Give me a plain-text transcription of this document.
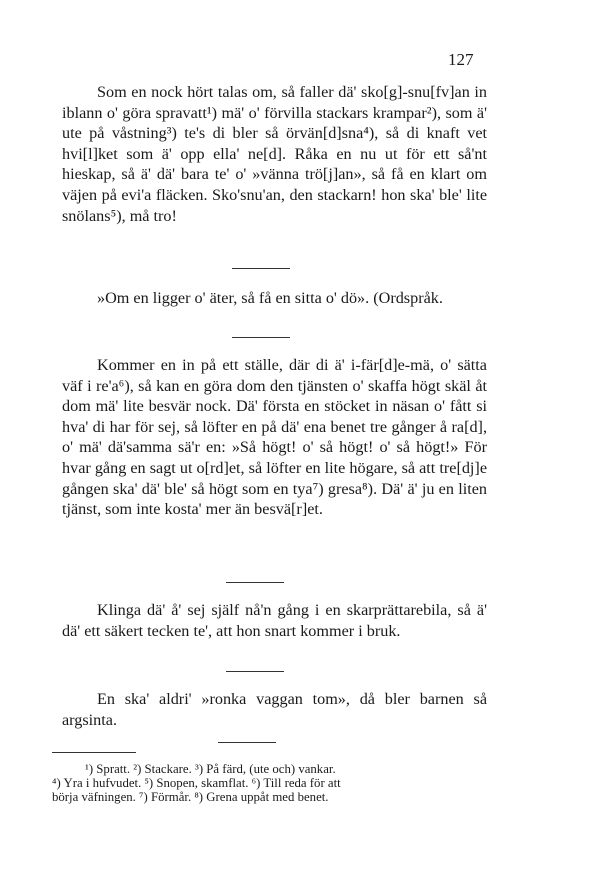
127

Som en nock hört talas om, så faller dä' sko[g]-snu[fv]an in iblann o' göra spravatt¹) mä' o' förvilla stackars krampar²), som ä' ute på våstning³) te's di bler så örvän[d]sna⁴), så di knaft vet hvi[l]ket som ä' opp ella' ne[d]. Råka en nu ut för ett så'nt hieskap, så ä' dä' bara te' o' »vänna trö[j]an», så få en klart om väjen på evi'a fläcken. Sko'snu'an, den stackarn! hon ska' ble' lite snölans⁵), må tro!

»Om en ligger o' äter, så få en sitta o' dö». (Ordspråk.

Kommer en in på ett ställe, där di ä' i-fär[d]e-mä, o' sätta väf i re'a⁶), så kan en göra dom den tjänsten o' skaffa högt skäl åt dom mä' lite besvär nock. Dä' första en stöcket in näsan o' fått si hva' di har för sej, så löfter en på dä' ena benet tre gånger å ra[d], o' mä' dä'samma sä'r en: »Så högt! o' så högt! o' så högt!» För hvar gång en sagt ut o[rd]et, så löfter en lite högare, så att tre[dj]e gången ska' dä' ble' så högt som en tya⁷) gresa⁸). Dä' ä' ju en liten tjänst, som inte kosta' mer än besvä[r]et.

Klinga dä' å' sej själf nå'n gång i en skarprättarebila, så ä' dä' ett säkert tecken te', att hon snart kommer i bruk.

En ska' aldri' »ronka vaggan tom», då bler barnen så argsinta.

¹) Spratt. ²) Stackare. ³) På färd, (ute och) vankar.
⁴) Yra i hufvudet. ⁵) Snopen, skamflat. ⁶) Till reda för att
börja väfningen. ⁷) Förmår. ⁸) Grena uppåt med benet.
